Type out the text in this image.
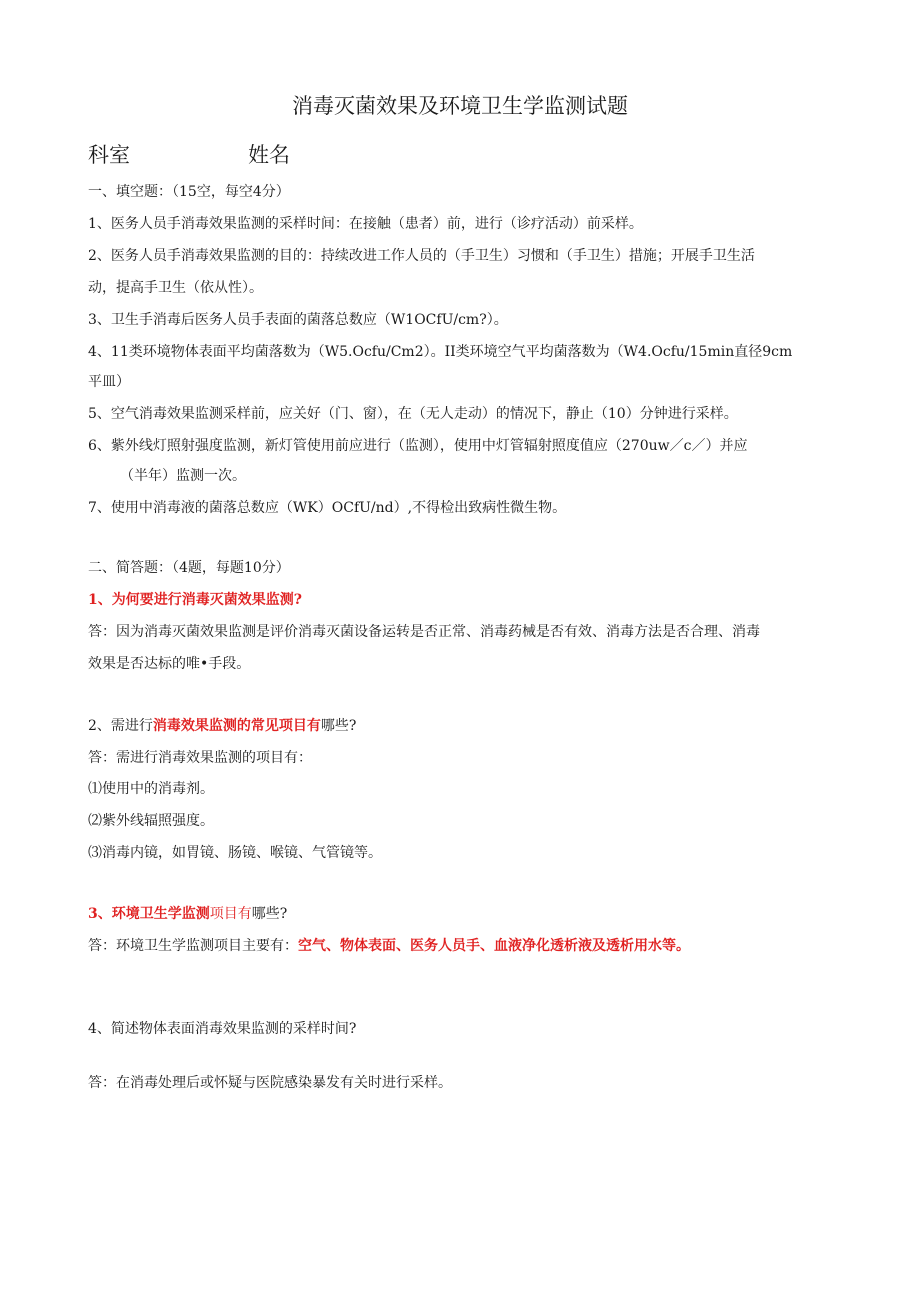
消毒灭菌效果及环境卫生学监测试题
科室	姓名
一、填空题：（15空，每空4分）
1、医务人员手消毒效果监测的采样时间：在接触（患者）前，进行（诊疗活动）前采样。
2、医务人员手消毒效果监测的目的：持续改进工作人员的（手卫生）习惯和（手卫生）措施；开展手卫生活
动，提高手卫生（依从性）。
3、卫生手消毒后医务人员手表面的菌落总数应（W1OCfU/cm?）。
4、11类环境物体表面平均菌落数为（W5.Ocfu/Cm2）。II类环境空气平均菌落数为（W4.Ocfu/15min直径9cm
平皿）
5、空气消毒效果监测采样前，应关好（门、窗），在（无人走动）的情况下，静止（10）分钟进行采样。
6、紫外线灯照射强度监测，新灯管使用前应进行（监测），使用中灯管辐射照度值应（270uw／c／）并应
（半年）监测一次。
7、使用中消毒液的菌落总数应（WK）OCfU/nd）,不得检出致病性微生物。
二、简答题：（4题，每题10分）
1、为何要进行消毒灭菌效果监测?
答：因为消毒灭菌效果监测是评价消毒灭菌设备运转是否正常、消毒药械是否有效、消毒方法是否合理、消毒
效果是否达标的唯•手段。
2、需进行消毒效果监测的常见项目有哪些?
答：需进行消毒效果监测的项目有：
⑴使用中的消毒剂。
⑵紫外线辐照强度。
⑶消毒内镜，如胃镜、肠镜、喉镜、气管镜等。
3、环境卫生学监测项目有哪些?
答：环境卫生学监测项目主要有：空气、物体表面、医务人员手、血液净化透析液及透析用水等。
4、简述物体表面消毒效果监测的采样时间?
答：在消毒处理后或怀疑与医院感染暴发有关时进行采样。
